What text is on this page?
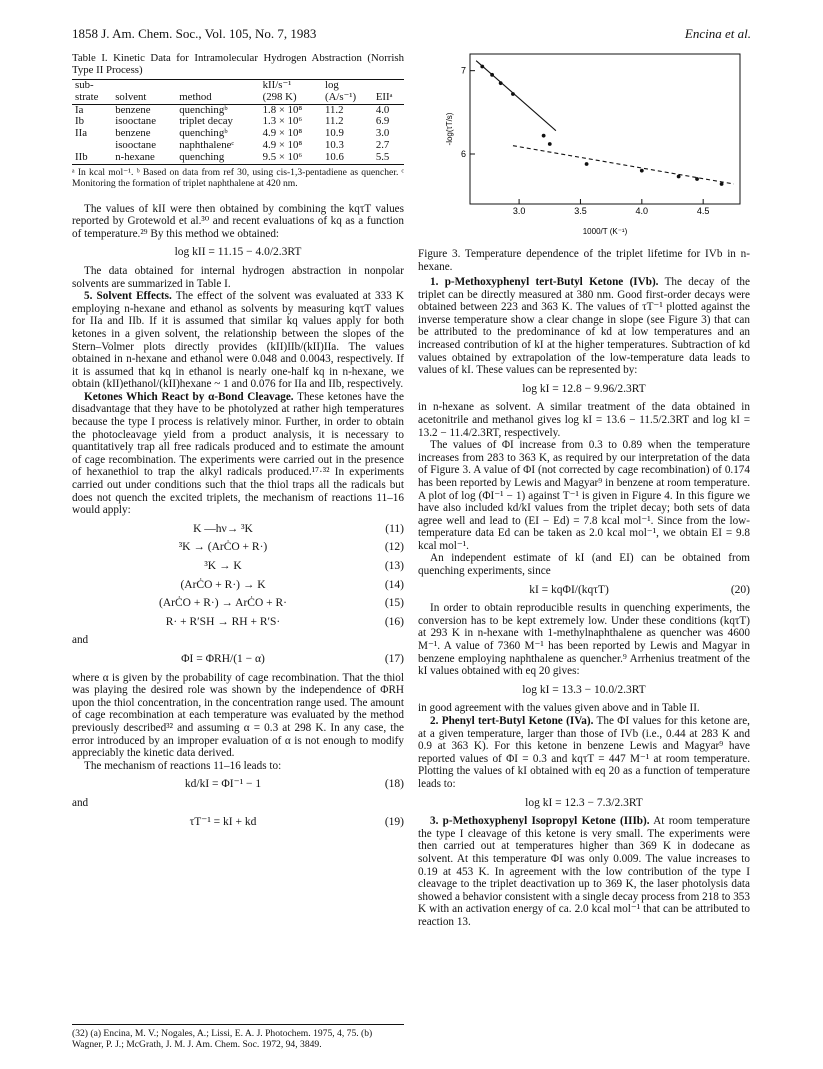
1858 J. Am. Chem. Soc., Vol. 105, No. 7, 1983	Encina et al.
Table I. Kinetic Data for Intramolecular Hydrogen Abstraction (Norrish Type II Process)
sub-			kII/s⁻¹	log	
strate	solvent	method	(298 K)	(A/s⁻¹)	EIIᵃ
Ia	benzene	quenchingᵇ	1.8 × 10⁸	11.2	4.0
Ib	isooctane	triplet decay	1.3 × 10⁶	11.2	6.9
IIa	benzene	quenchingᵇ	4.9 × 10⁸	10.9	3.0
	isooctane	naphthaleneᶜ	4.9 × 10⁸	10.3	2.7
IIb	n-hexane	quenching	9.5 × 10⁶	10.6	5.5
ᵃ In kcal mol⁻¹. ᵇ Based on data from ref 30, using cis-1,3-pentadiene as quencher. ᶜ Monitoring the formation of triplet naphthalene at 420 nm.

The values of kII were then obtained by combining the kqτT values reported by Grotewold et al.³⁰ and recent evaluations of kq as a function of temperature.²⁹ By this method we obtained:

log kII = 11.15 − 4.0/2.3RT

The data obtained for internal hydrogen abstraction in nonpolar solvents are summarized in Table I.

5. Solvent Effects. The effect of the solvent was evaluated at 333 K employing n-hexane and ethanol as solvents by measuring kqτT values for IIa and IIb. If it is assumed that similar kq values apply for both ketones in a given solvent, the relationship between the slopes of the Stern–Volmer plots directly provides (kII)IIb/(kII)IIa. The values obtained in n-hexane and ethanol were 0.048 and 0.0043, respectively. If it is assumed that kq in ethanol is nearly one-half kq in n-hexane, we obtain (kII)ethanol/(kII)hexane ~ 1 and 0.076 for IIa and IIb, respectively.

Ketones Which React by α-Bond Cleavage. These ketones have the disadvantage that they have to be photolyzed at rather high temperatures because the type I process is relatively minor. Further, in order to obtain the photocleavage yield from a product analysis, it is necessary to quantitatively trap all free radicals produced and to estimate the amount of cage recombination. The experiments were carried out in the presence of hexanethiol to trap the alkyl radicals produced.¹⁷·³² In experiments carried out under conditions such that the thiol traps all the radicals but does not quench the excited triplets, the mechanism of reactions 11–16 would apply:

K —hν→ ³K	(11)
³K → (ArĊO + R·)	(12)
³K → K	(13)
(ArĊO + R·) → K	(14)
(ArĊO + R·) → ArĊO + R·	(15)
R· + R′SH → RH + R′S·	(16)

and

ΦI = ΦRH/(1 − α)	(17)

where α is given by the probability of cage recombination. That the thiol was playing the desired role was shown by the independence of ΦRH upon the thiol concentration, in the concentration range used. The amount of cage recombination at each temperature was evaluated by the method previously described³² and assuming α = 0.3 at 298 K. In any case, the error introduced by an improper evaluation of α is not enough to modify appreciably the kinetic data derived.

The mechanism of reactions 11–16 leads to:

kd/kI = ΦI⁻¹ − 1	(18)

and

τT⁻¹ = kI + kd	(19)
(32) (a) Encina, M. V.; Nogales, A.; Lissi, E. A. J. Photochem. 1975, 4, 75. (b) Wagner, P. J.; McGrath, J. M. J. Am. Chem. Soc. 1972, 94, 3849.
3.0	3.5	4.0	4.5
7
6
1000/T (K⁻¹)
-log(τT/s)
Figure 3. Temperature dependence of the triplet lifetime for IVb in n-hexane.

1. p-Methoxyphenyl tert-Butyl Ketone (IVb). The decay of the triplet can be directly measured at 380 nm. Good first-order decays were obtained between 223 and 363 K. The values of τT⁻¹ plotted against the inverse temperature show a clear change in slope (see Figure 3) that can be attributed to the predominance of kd at low temperatures and an increased contribution of kI at the higher temperatures. Subtraction of kd values obtained by extrapolation of the low-temperature data leads to values of kI. These values can be represented by:

log kI = 12.8 − 9.96/2.3RT

in n-hexane as solvent. A similar treatment of the data obtained in acetonitrile and methanol gives log kI = 13.6 − 11.5/2.3RT and log kI = 13.2 − 11.4/2.3RT, respectively.

The values of ΦI increase from 0.3 to 0.89 when the temperature increases from 283 to 363 K, as required by our interpretation of the data of Figure 3. A value of ΦI (not corrected by cage recombination) of 0.174 has been reported by Lewis and Magyar⁹ in benzene at room temperature. A plot of log (ΦI⁻¹ − 1) against T⁻¹ is given in Figure 4. In this figure we have also included kd/kI values from the triplet decay; both sets of data agree well and lead to (EI − Ed) = 7.8 kcal mol⁻¹. Since from the low-temperature data Ed can be taken as 2.0 kcal mol⁻¹, we obtain EI = 9.8 kcal mol⁻¹.

An independent estimate of kI (and EI) can be obtained from quenching experiments, since

kI = kqΦI/(kqτT)	(20)

In order to obtain reproducible results in quenching experiments, the conversion has to be kept extremely low. Under these conditions (kqτT) at 293 K in n-hexane with 1-methylnaphthalene as quencher was 4600 M⁻¹. A value of 7360 M⁻¹ has been reported by Lewis and Magyar in benzene employing naphthalene as quencher.⁹ Arrhenius treatment of the kI values obtained with eq 20 gives:

log kI = 13.3 − 10.0/2.3RT

in good agreement with the values given above and in Table II.

2. Phenyl tert-Butyl Ketone (IVa). The ΦI values for this ketone are, at a given temperature, larger than those of IVb (i.e., 0.44 at 283 K and 0.9 at 363 K). For this ketone in benzene Lewis and Magyar⁹ have reported values of ΦI = 0.3 and kqτT = 447 M⁻¹ at room temperature. Plotting the values of kI obtained with eq 20 as a function of temperature leads to:

log kI = 12.3 − 7.3/2.3RT

3. p-Methoxyphenyl Isopropyl Ketone (IIIb). At room temperature the type I cleavage of this ketone is very small. The experiments were then carried out at temperatures higher than 369 K in dodecane as solvent. At this temperature ΦI was only 0.009. The value increases to 0.19 at 453 K. In agreement with the low contribution of the type I cleavage to the triplet deactivation up to 369 K, the laser photolysis data showed a behavior consistent with a single decay process from 218 to 353 K with an activation energy of ca. 2.0 kcal mol⁻¹ that can be attributed to reaction 13.
